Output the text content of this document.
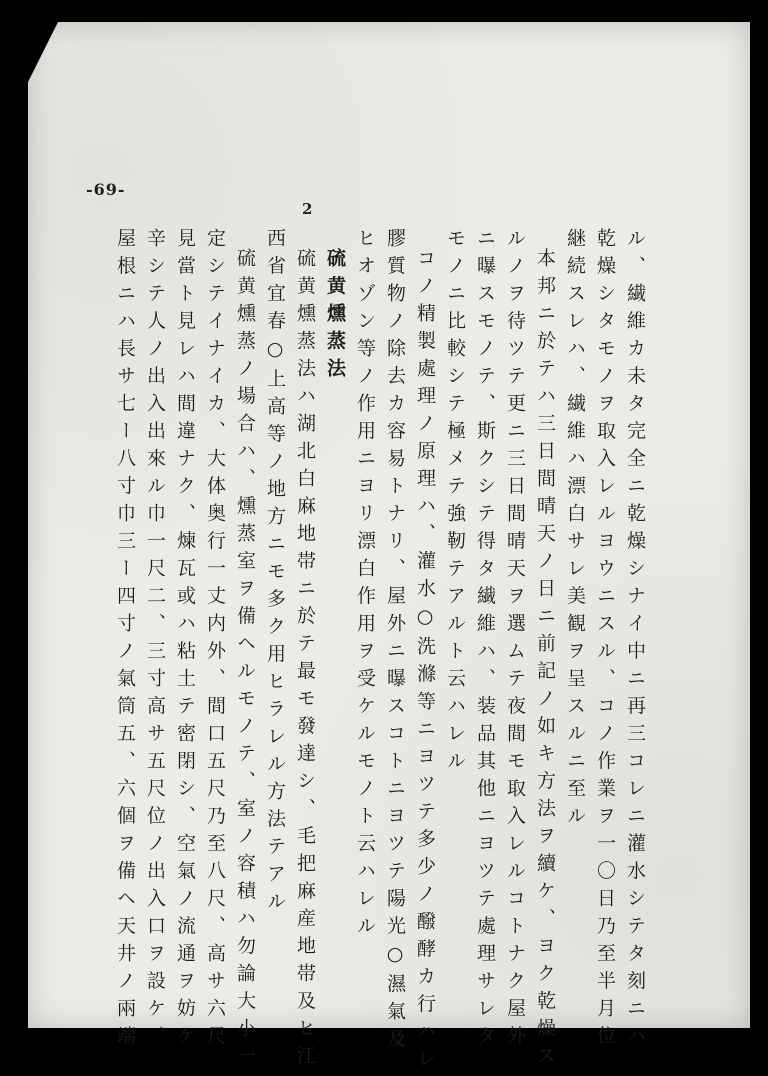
-69-
2
ル、繊維カ未タ完全ニ乾燥シナイ中ニ再三コレニ灌水シテタ刻ニハ
乾燥シタモノヲ取入レルヨウニスル、コノ作業ヲ一〇日乃至半月位
継続スレハ、繊維ハ漂白サレ美観ヲ呈スルニ至ル
本邦ニ於テハ三日間晴天ノ日ニ前記ノ如キ方法ヲ續ケ、ヨク乾燥ス
ルノヲ待ツテ更ニ三日間晴天ヲ選ムテ夜間モ取入レルコトナク屋外
ニ曝スモノテ、斯クシテ得タ繊維ハ、装品其他ニヨツテ處理サレタ
モノニ比較シテ極メテ強靭テアルト云ハレル
コノ精製處理ノ原理ハ、灌水○洗滌等ニヨツテ多少ノ醱酵カ行ハレ
膠質物ノ除去カ容易トナリ、屋外ニ曝スコトニヨツテ陽光○濕氣及
ヒオゾン等ノ作用ニヨリ漂白作用ヲ受ケルモノト云ハレル
硫黄燻蒸法
硫黄燻蒸法ハ湖北白麻地帯ニ於テ最モ發達シ、毛把麻産地帯及ヒ江
西省宜春○上高等ノ地方ニモ多ク用ヒラレル方法テアル
硫黄燻蒸ノ場合ハ、燻蒸室ヲ備ヘルモノテ、室ノ容積ハ勿論大小一
定シテイナイカ、大体奥行一丈内外、間口五尺乃至八尺、高サ六尺
見當ト見レハ間違ナク、煉瓦或ハ粘土テ密閉シ、空氣ノ流通ヲ妨ケ
辛シテ人ノ出入出來ル巾一尺二、三寸高サ五尺位ノ出入口ヲ設ケ、
屋根ニハ長サ七ー八寸巾三ー四寸ノ氣筒五、六個ヲ備ヘ天井ノ兩端
